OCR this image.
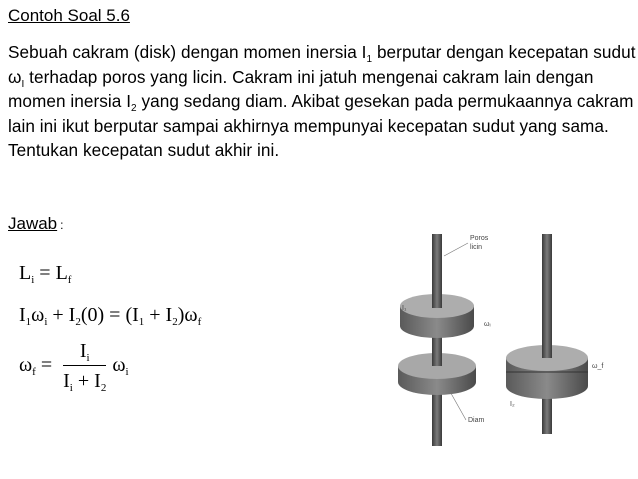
Contoh Soal 5.6
Sebuah cakram (disk) dengan momen inersia $I_1$ berputar dengan kecepatan sudut $\omega_I$ terhadap poros yang licin. Cakram ini jatuh mengenai cakram lain dengan momen inersia $I_2$ yang sedang diam. Akibat gesekan pada permukaannya cakram lain ini ikut berputar sampai akhirnya mempunyai kecepatan sudut yang sama. Tentukan kecepatan sudut akhir ini.
Jawab :
$L_i = L_f$
$I_1\omega_i + I_2(0) = (I_1 + I_2)\omega_f$
$\omega_f = \frac{I_i}{I_i + I_2} \omega_i$
Poros
licin
I₁
ωᵢ
ω_f
I₂
Diam
